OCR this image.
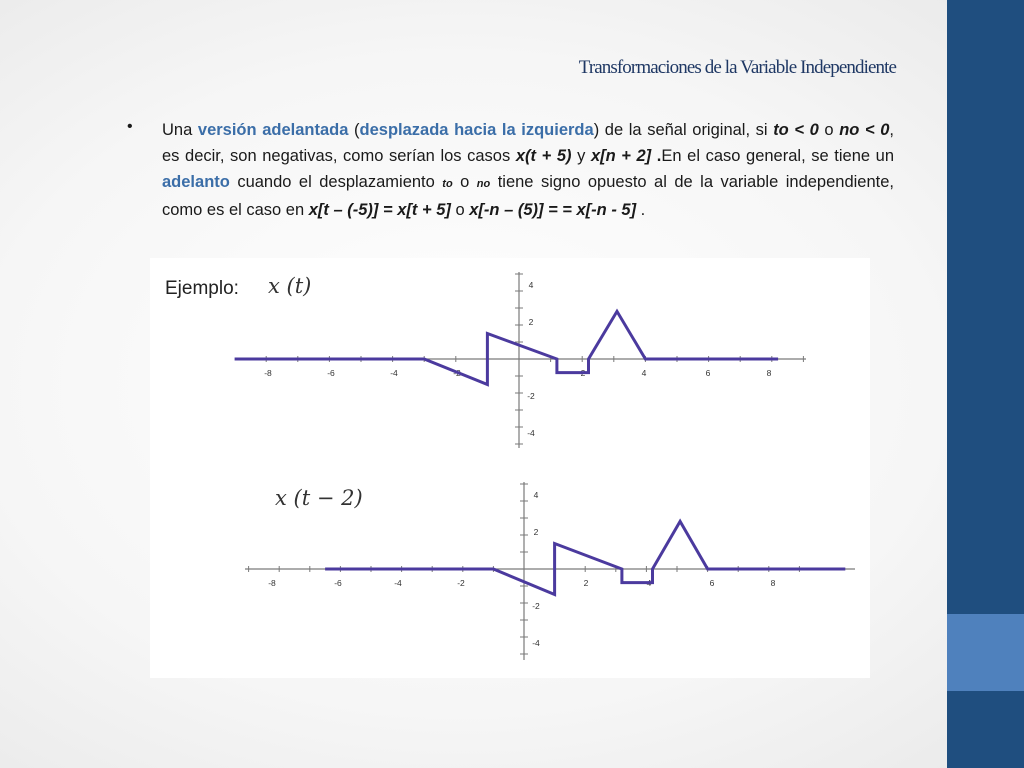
Transformaciones de la Variable Independiente
• Una versión adelantada (desplazada hacia la izquierda) de la señal original, si to < 0 o no < 0, es decir, son negativas, como serían los casos x(t + 5) y x[n + 2] .En el caso general, se tiene un adelanto cuando el desplazamiento to o no tiene signo opuesto al de la variable independiente, como es el caso en x[t – (-5)] = x[t + 5] o x[-n – (5)] = = x[-n - 5] .
Ejemplo: x (t)
x (t − 2)
-8	-6	-4	-2	2	4	6	8
4
2
-2
-4
-8	-6	-4	-2	2	4	6	8
4
2
-2
-4
